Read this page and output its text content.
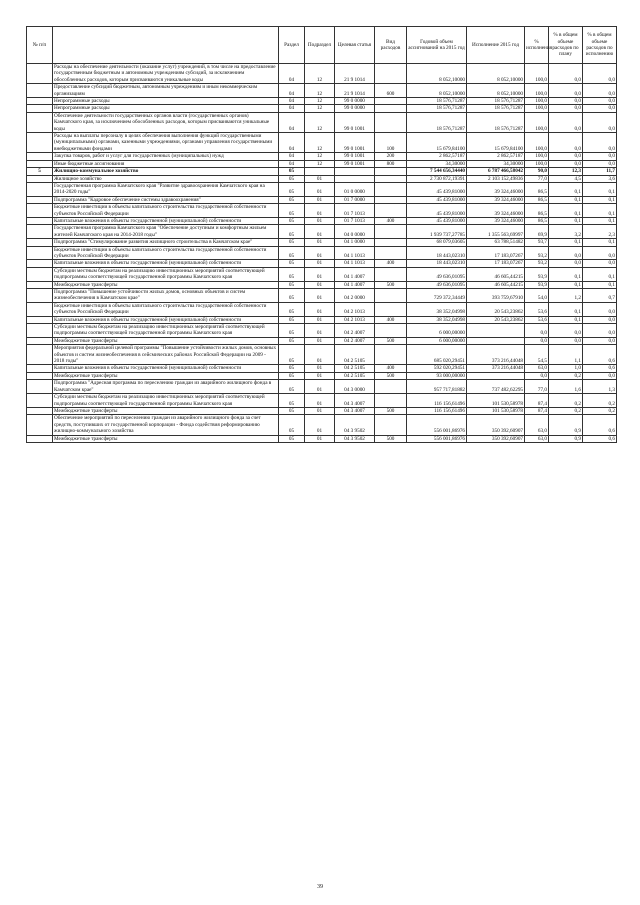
№ п/п		Раздел	Подраздел	Целевая статья	Вид расходов	Годовой объем ассигнований на 2015 год	Исполнение 2015 год	% исполнения	% в общем объеме расходов по плану	% в общем объеме расходов по исполнению
	Расходы на обеспечение деятельности (оказание услуг) учреждений, в том числе на предоставление государственным бюджетным и автономным учреждениям субсидий, за исключением обособленных расходов, которым присваиваются уникальные коды	04	12	21 9 1014		8 052,10000	8 052,10000	100,0	0,0	0,0
	Предоставление субсидий бюджетным, автономным учреждениям и иным некоммерческим организациям	04	12	21 9 1014	600	8 052,10000	8 052,10000	100,0	0,0	0,0
	Непрограммные расходы	04	12	99 0 0000		18 576,71287	18 576,71287	100,0	0,0	0,0
	Непрограммные расходы	04	12	99 0 0000		18 576,71287	18 576,71287	100,0	0,0	0,0
	Обеспечение деятельности государственных органов власти (государственных органов) Камчатского края, за исключением обособленных расходов, которым присваиваются уникальные коды	04	12	99 0 1001		18 576,71287	18 576,71287	100,0	0,0	0,0
	Расходы на выплаты персоналу в целях обеспечения выполнения функций государственными (муниципальными) органами, казенными учреждениями, органами управления государственными внебюджетными фондами	04	12	99 0 1001	100	15 679,84100	15 679,84100	100,0	0,0	0,0
	Закупка товаров, работ и услуг для государственных (муниципальных) нужд	04	12	99 0 1001	200	2 862,57187	2 862,57187	100,0	0,0	0,0
	Иные бюджетные ассигнования	04	12	99 0 1001	800	34,30000	34,30000	100,0	0,0	0,0
5	Жилищно-коммунальное хозяйство	05				7 544 656,34440	6 787 466,58042	90,0	12,3	11,7
	Жилищное хозяйство	05	01			2 730 872,19391	2 103 152,49836	77,0	4,5	3,6
	Государственная программа Камчатского края "Развитие здравоохранения Камчатского края на 2014-2020 годы"	05	01	01 0 0000		45 439,81000	39 324,46000	86,5	0,1	0,1
	Подпрограмма "Кадровое обеспечение системы здравоохранения"	05	01	01 7 0000		45 439,81000	39 324,46000	86,5	0,1	0,1
	Бюджетные инвестиции в объекты капитального строительства государственной собственности субъектов Российской Федерации	05	01	01 7 1013		45 439,81000	39 324,46000	86,5	0,1	0,1
	Капитальные вложения в объекты государственной (муниципальной) собственности	05	01	01 7 1013	400	45 439,81000	39 324,46000	86,5	0,1	0,1
	Государственная программа Камчатского края "Обеспечение доступным и комфортным жильем жителей Камчатского края на 2014-2018 годы"	05	01	04 0 0000		1 939 737,27785	1 355 563,69997	69,9	3,2	2,3
	Подпрограмма "Стимулирование развития жилищного строительства в Камчатском крае"	05	01	04 1 0000		68 079,03605	63 788,51482	93,7	0,1	0,1
	Бюджетные инвестиции в объекты капитального строительства государственной собственности субъектов Российской Федерации	05	01	04 1 1013		18 443,02310	17 183,07267	93,2	0,0	0,0
	Капитальные вложения в объекты государственной (муниципальной) собственности	05	01	04 1 1013	400	18 443,02310	17 183,07267	93,2	0,0	0,0
	Субсидии местным бюджетам на реализацию инвестиционных мероприятий соответствующей подпрограммы соответствующей государственной программы Камчатского края	05	01	04 1 4007		49 636,01095	46 605,44215	93,9	0,1	0,1
	Межбюджетные трансферты	05	01	04 1 4007	500	49 636,01095	46 605,44215	93,9	0,1	0,1
	Подпрограмма "Повышение устойчивости жилых домов, основных объектов и систем жизнеобеспечения в Камчатском крае"	05	01	04 2 0000		729 372,34449	393 759,67910	54,0	1,2	0,7
	Бюджетные инвестиции в объекты капитального строительства государственной собственности субъектов Российской Федерации	05	01	04 2 1013		38 352,04998	20 543,23862	53,6	0,1	0,0
	Капитальные вложения в объекты государственной (муниципальной) собственности	05	01	04 2 1013	400	38 352,04998	20 543,23862	53,6	0,1	0,0
	Субсидии местным бюджетам на реализацию инвестиционных мероприятий соответствующей подпрограммы соответствующей государственной программы Камчатского края	05	01	04 2 4007		6 000,00000		0,0	0,0	0,0
	Межбюджетные трансферты	05	01	04 2 4007	500	6 000,00000		0,0	0,0	0,0
	Мероприятия федеральной целевой программы "Повышение устойчивости жилых домов, основных объектов и систем жизнеобеспечения в сейсмических районах Российской Федерации на 2009 - 2018 годы"	05	01	04 2 5105		685 020,29451	373 216,44048	54,5	1,1	0,6
	Капитальные вложения в объекты государственной (муниципальной) собственности	05	01	04 2 5105	400	592 020,29451	373 216,44048	63,0	1,0	0,6
	Межбюджетные трансферты	05	01	04 2 5105	500	93 000,00000		0,0	0,2	0,0
	Подпрограмма "Адресная программа по переселению граждан из аварийного жилищного фонда в Камчатском крае"	05	01	04 3 0000		957 717,81882	737 482,62295	77,0	1,6	1,3
	Субсидии местным бюджетам на реализацию инвестиционных мероприятий соответствующей подпрограммы соответствующей государственной программы Камчатского края	05	01	04 3 4007		116 156,61496	101 530,58978	87,4	0,2	0,2
	Межбюджетные трансферты	05	01	04 3 4007	500	116 156,61496	101 530,58978	87,4	0,2	0,2
	Обеспечение мероприятий по переселению граждан из аварийного жилищного фонда за счет средств, поступивших от государственной корпорации - Фонда содействия реформированию жилищно-коммунального хозяйства	05	01	04 3 9502		556 001,86976	350 392,60907	63,0	0,9	0,6
	Межбюджетные трансферты	05	01	04 3 9502	500	556 001,86976	350 392,60907	63,0	0,9	0,6
39
